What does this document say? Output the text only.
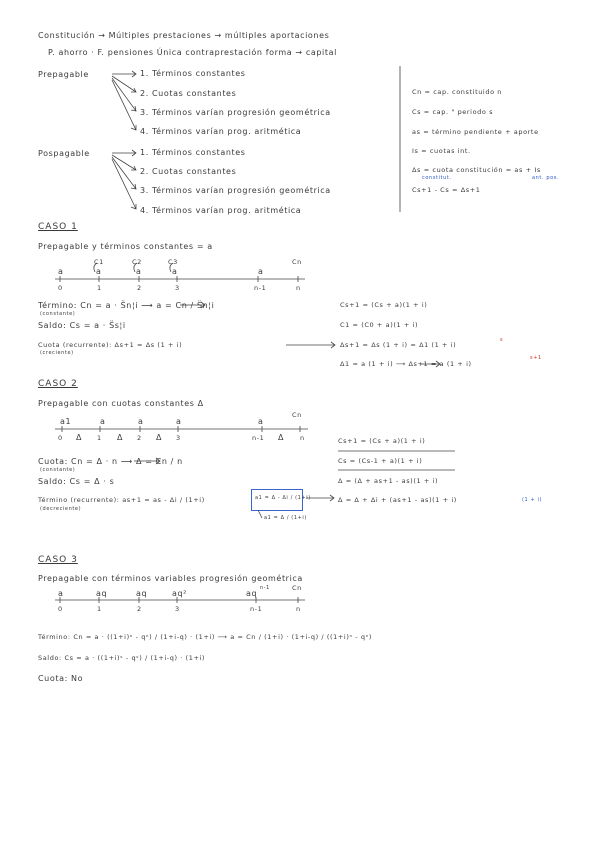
Constitución → Múltiples prestaciones → múltiples aportaciones
P. ahorro · F. pensiones Única contraprestación forma → capital
Prepagable	1. Términos constantes
2. Cuotas constantes
3. Términos varían progresión geométrica
4. Términos varían prog. aritmética
Pospagable	1. Términos constantes
2. Cuotas constantes
3. Términos varían progresión geométrica
4. Términos varían prog. aritmética
Cn = cap. constituido n
Cs = cap. " periodo s
as = término pendiente + aporte
Is = cuotas int.
Δs = cuota constitución = as + Is
constitut.	ant. pos.
Cs+1 - Cs = Δs+1
CASO 1
Prepagable y términos constantes = a
C1	C2	C3	Cn
a	a	a	a	a
0	1	2	3	n-1	n
Término: Cn = a · S̈n¦i ⟶ a = Cn / S̈n¦i
(constante)
Saldo: Cs = a · S̈s¦i
Cuota (recurrente): Δs+1 = Δs (1 + i)
(creciente)
Cs+1 = (Cs + a)(1 + i)
C1 = (C0 + a)(1 + i)
Δs+1 = Δs (1 + i) = Δ1 (1 + i)
s
Δ1 = a (1 + i) ⟶ Δs+1 = a (1 + i)
s+1
CASO 2
Prepagable con cuotas constantes Δ
a1	a	a	a	a
Cn
0	1	2	3	n-1	n
Δ	Δ	Δ	Δ
Cuota: Cn = Δ · n ⟶ Δ = Cn / n
(constante)
Saldo: Cs = Δ · s
Término (recurrente): as+1 = as - Δi / (1+i)
(decreciente)
a1 = Δ - Δi / (1+i)
a1 = Δ / (1+i)
Cs+1 = (Cs + a)(1 + i)
Cs = (Cs-1 + a)(1 + i)
Δ = (Δ + as+1 - as)(1 + i)
Δ = Δ + Δi + (as+1 - as)(1 + i)	(1 + i)
CASO 3
Prepagable con términos variables progresión geométrica
a	aq	aq	aq²	aq
n-1	Cn
0	1	2	3	n-1	n
Término: Cn = a · ((1+i)ⁿ - qⁿ) / (1+i-q) · (1+i) ⟶ a = Cn / (1+i) · (1+i-q) / ((1+i)ⁿ - qⁿ)
Saldo: Cs = a · ((1+i)ˢ - qˢ) / (1+i-q) · (1+i)
Cuota: No
